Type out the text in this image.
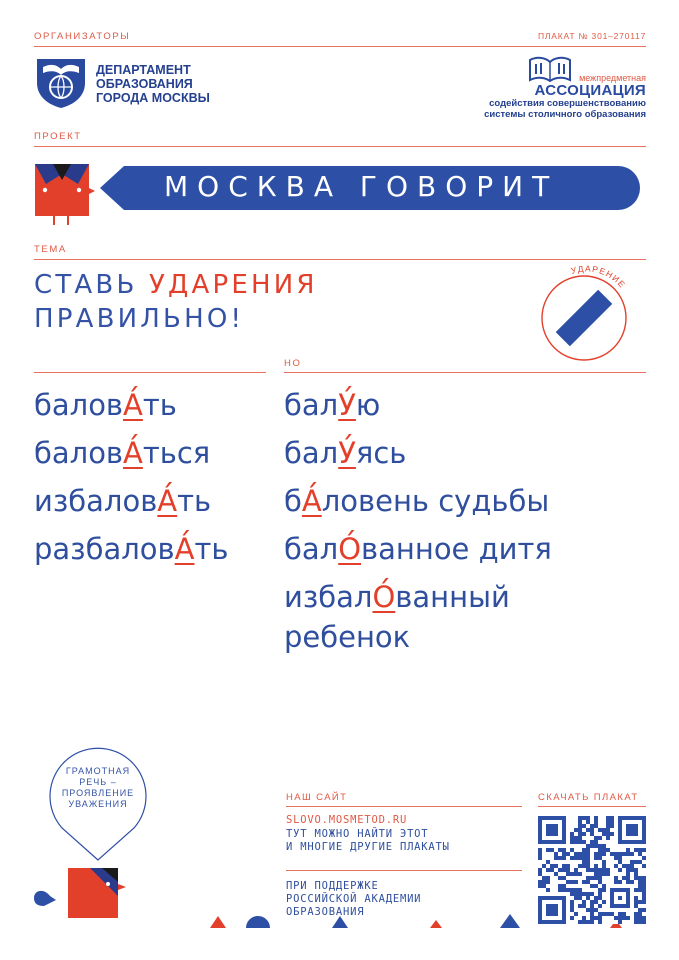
ОРГАНИЗАТОРЫ	ПЛАКАТ № 301–270117
ДЕПАРТАМЕНТ
ОБРАЗОВАНИЯ
ГОРОДА МОСКВЫ
межпредметная
АССОЦИАЦИЯ
содействия совершенствованию
системы столичного образования
ПРОЕКТ
МОСКВА ГОВОРИТ
ТЕМА
СТАВЬ УДАРЕНИЯ
ПРАВИЛЬНО!
УДАРЕНИЕ
НО
баловА́ть
баловА́ться
избаловА́ть
разбаловА́ть
балУ́ю
балУ́ясь
бА́ловень судьбы
балО́ванное дитя
избалО́ванный
ребенок
ГРАМОТНАЯ
РЕЧЬ –
ПРОЯВЛЕНИЕ
УВАЖЕНИЯ
НАШ САЙТ
SLOVO.MOSMETOD.RU
ТУТ МОЖНО НАЙТИ ЭТОТ
И МНОГИЕ ДРУГИЕ ПЛАКАТЫ
ПРИ ПОДДЕРЖКЕ
РОССИЙСКОЙ АКАДЕМИИ
ОБРАЗОВАНИЯ
СКАЧАТЬ ПЛАКАТ
